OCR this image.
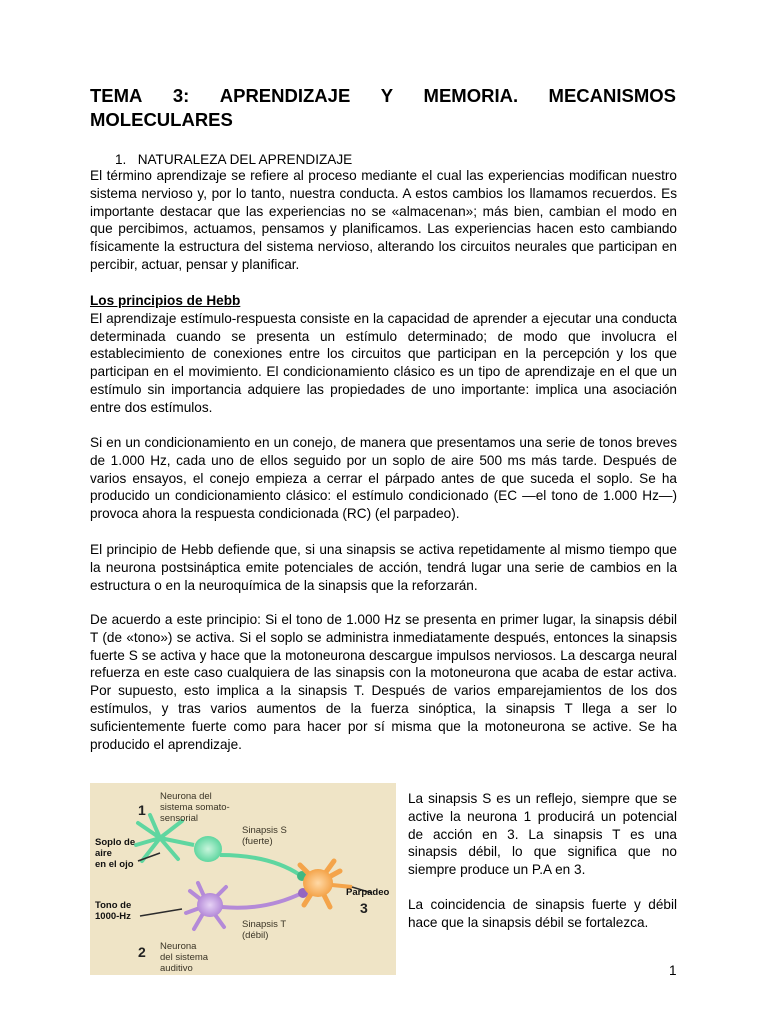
TEMA 3: APRENDIZAJE Y MEMORIA. MECANISMOS
MOLECULARES
1. NATURALEZA DEL APRENDIZAJE

El término aprendizaje se refiere al proceso mediante el cual las experiencias modifican nuestro sistema nervioso y, por lo tanto, nuestra conducta. A estos cambios los llamamos recuerdos. Es importante destacar que las experiencias no se «almacenan»; más bien, cambian el modo en que percibimos, actuamos, pensamos y planificamos. Las experiencias hacen esto cambiando físicamente la estructura del sistema nervioso, alterando los circuitos neurales que participan en percibir, actuar, pensar y planificar.

Los principios de Hebb
El aprendizaje estímulo-respuesta consiste en la capacidad de aprender a ejecutar una conducta determinada cuando se presenta un estímulo determinado; de modo que involucra el establecimiento de conexiones entre los circuitos que participan en la percepción y los que participan en el movimiento. El condicionamiento clásico es un tipo de aprendizaje en el que un estímulo sin importancia adquiere las propiedades de uno importante: implica una asociación entre dos estímulos.

Si en un condicionamiento en un conejo, de manera que presentamos una serie de tonos breves de 1.000 Hz, cada uno de ellos seguido por un soplo de aire 500 ms más tarde. Después de varios ensayos, el conejo empieza a cerrar el párpado antes de que suceda el soplo. Se ha producido un condicionamiento clásico: el estímulo condicionado (EC —el tono de 1.000 Hz—) provoca ahora la respuesta condicionada (RC) (el parpadeo).

El principio de Hebb defiende que, si una sinapsis se activa repetidamente al mismo tiempo que la neurona postsináptica emite potenciales de acción, tendrá lugar una serie de cambios en la estructura o en la neuroquímica de la sinapsis que la reforzarán.

De acuerdo a este principio: Si el tono de 1.000 Hz se presenta en primer lugar, la sinapsis débil T (de «tono») se activa. Si el soplo se administra inmediatamente después, entonces la sinapsis fuerte S se activa y hace que la motoneurona descargue impulsos nerviosos. La descarga neural refuerza en este caso cualquiera de las sinapsis con la motoneurona que acaba de estar activa. Por supuesto, esto implica a la sinapsis T. Después de varios emparejamientos de los dos estímulos, y tras varios aumentos de la fuerza sinóptica, la sinapsis T llega a ser lo suficientemente fuerte como para hacer por sí misma que la motoneurona se active. Se ha producido el aprendizaje.

1
Neurona del
sistema somato-
sensorial
Soplo de
aire
en el ojo
Sinapsis S
(fuerte)
Parpadeo
3
Tono de
1000-Hz
Sinapsis T
(débil)
2 Neurona
del sistema
auditivo

La sinapsis S es un reflejo, siempre que se active la neurona 1 producirá un potencial de acción en 3. La sinapsis T es una sinapsis débil, lo que significa que no siempre produce un P.A en 3.

La coincidencia de sinapsis fuerte y débil hace que la sinapsis débil se fortalezca.

1
